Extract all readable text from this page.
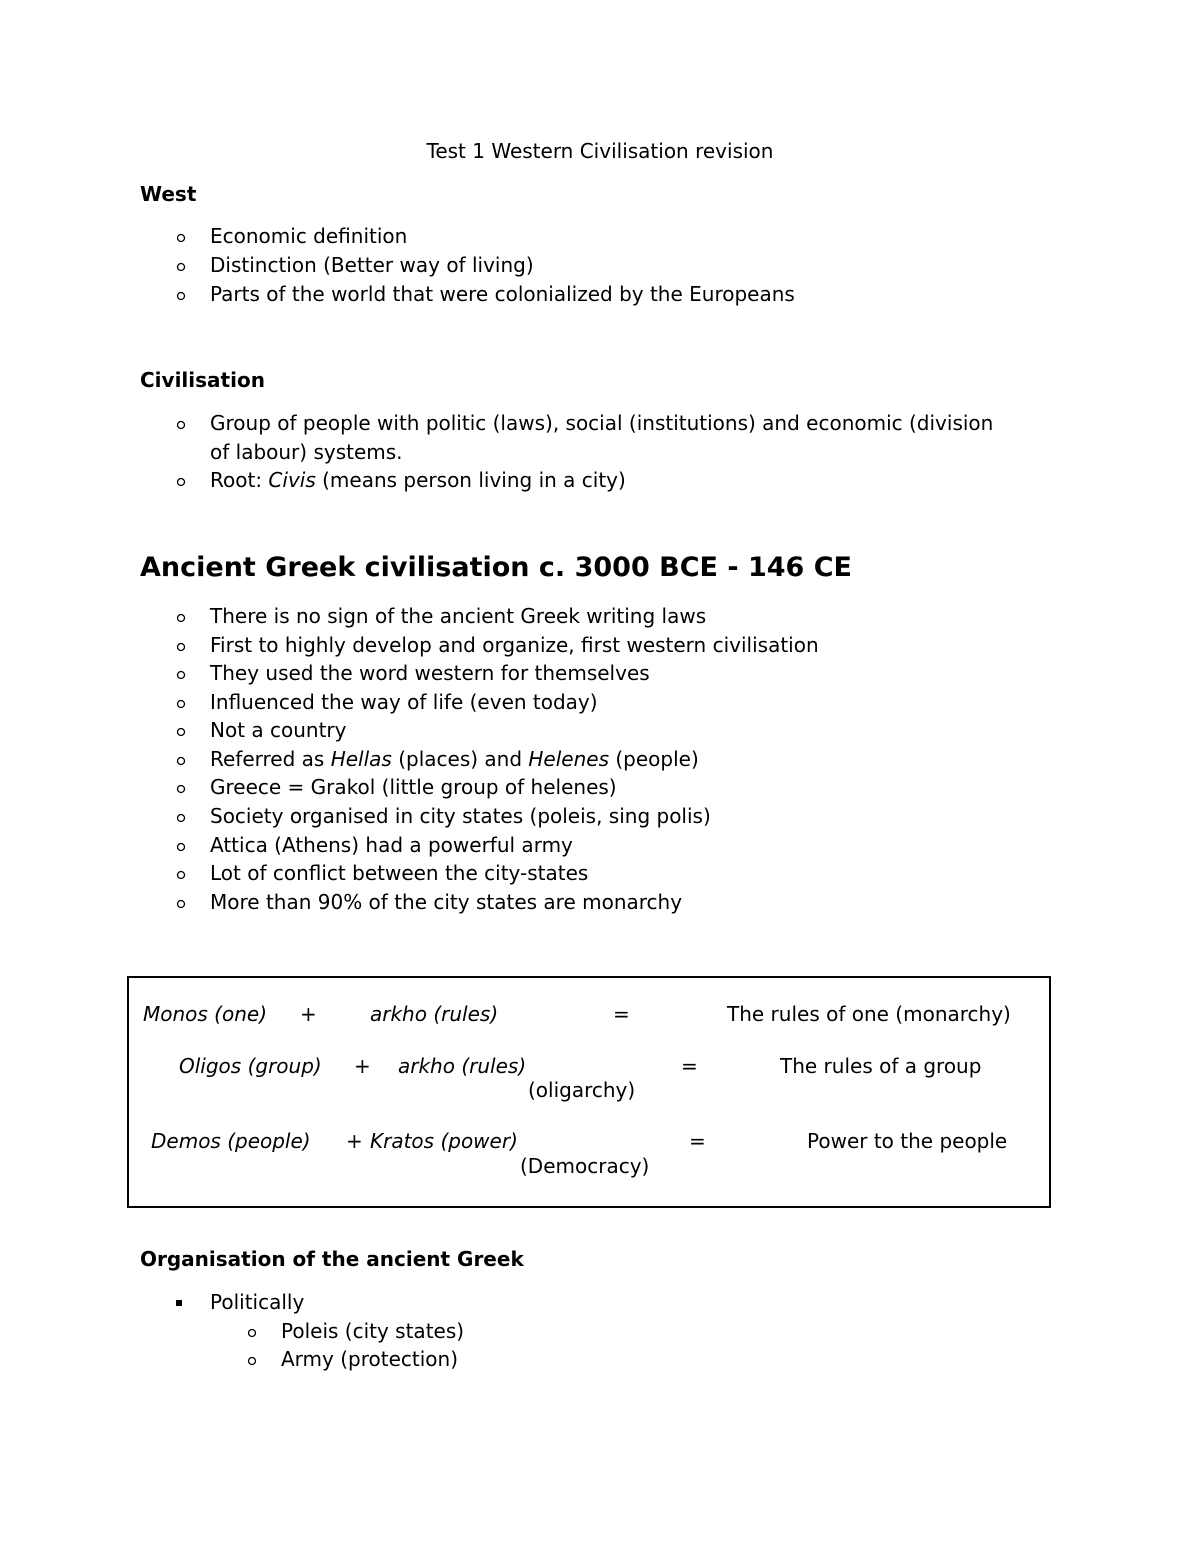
Test 1 Western Civilisation revision
West
Economic definition
Distinction (Better way of living)
Parts of the world that were colonialized by the Europeans
Civilisation
Group of people with politic (laws), social (institutions) and economic (division
of labour) systems.
Root: Civis (means person living in a city)
Ancient Greek civilisation c. 3000 BCE - 146 CE
There is no sign of the ancient Greek writing laws
First to highly develop and organize, first western civilisation
They used the word western for themselves
Influenced the way of life (even today)
Not a country
Referred as Hellas (places) and Helenes (people)
Greece = Grakol (little group of helenes)
Society organised in city states (poleis, sing polis)
Attica (Athens) had a powerful army
Lot of conflict between the city-states
More than 90% of the city states are monarchy
Monos (one) +	arkho (rules)	=	The rules of one (monarchy)
Oligos (group) + arkho (rules)	=	The rules of a group
(oligarchy)
Demos (people) + Kratos (power)	=	Power to the people
(Democracy)
Organisation of the ancient Greek
Politically
Poleis (city states)
Army (protection)
